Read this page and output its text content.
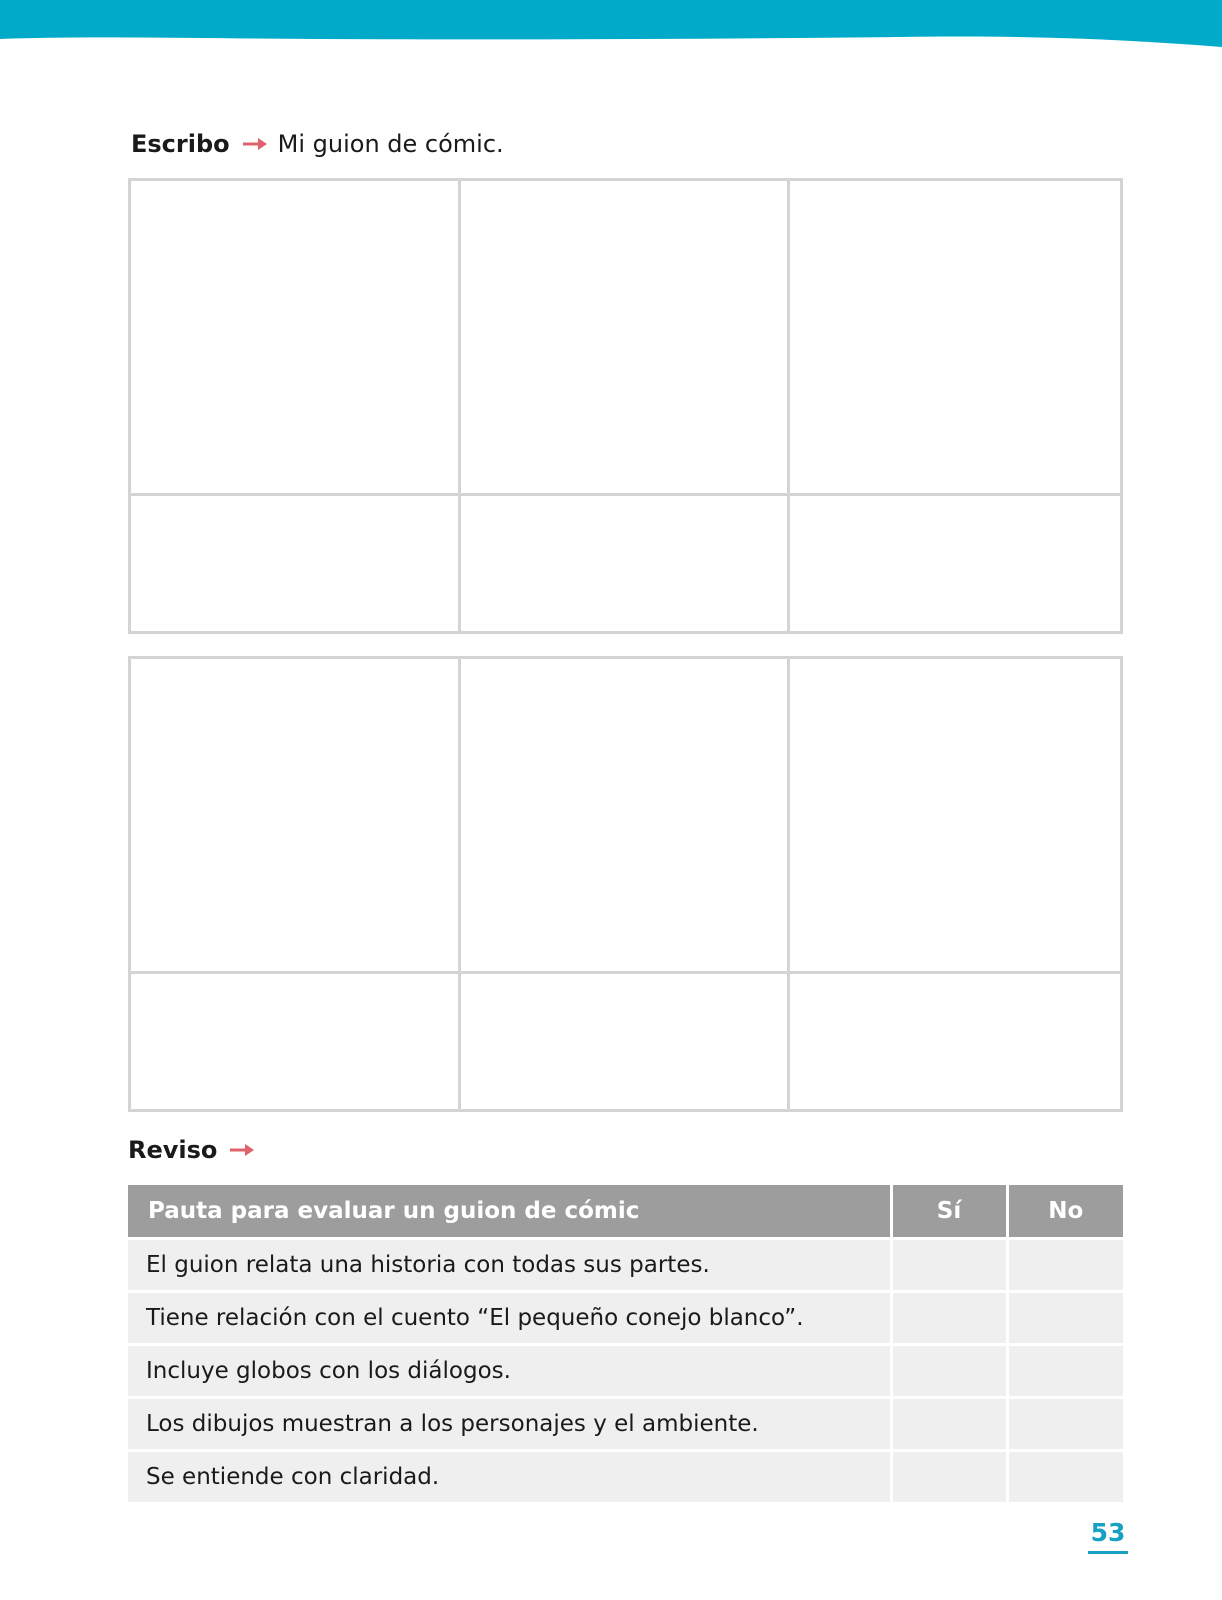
Escribo Mi guion de cómic.
Reviso
Pauta para evaluar un guion de cómic	Sí	No
El guion relata una historia con todas sus partes.		
Tiene relación con el cuento “El pequeño conejo blanco”.		
Incluye globos con los diálogos.		
Los dibujos muestran a los personajes y el ambiente.		
Se entiende con claridad.		
53
